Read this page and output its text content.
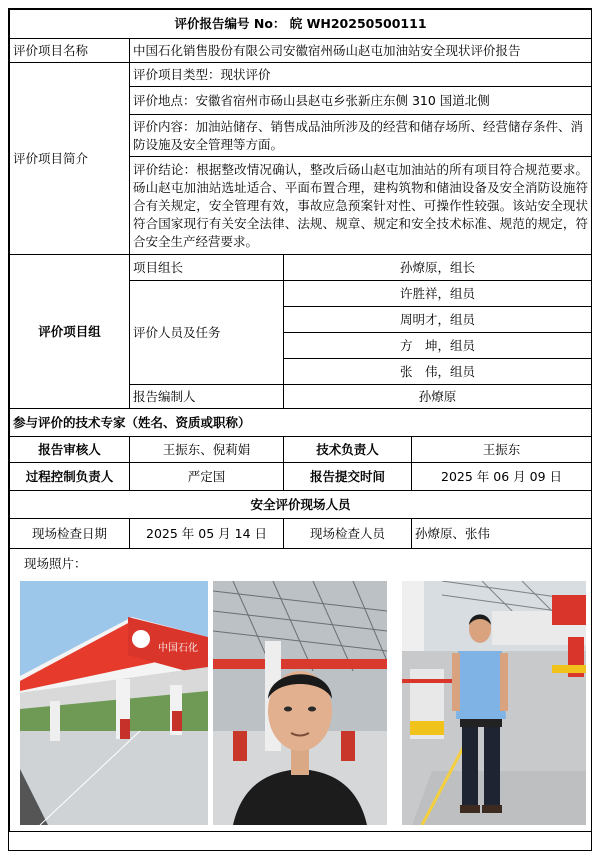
评价报告编号 No： 皖 WH20250500111			
评价项目名称	中国石化销售股份有限公司安徽宿州砀山赵屯加油站安全现状评价报告		
评价项目简介	评价项目类型：现状评价		
	评价地点：安徽省宿州市砀山县赵屯乡张新庄东侧 310 国道北侧		
	评价内容：加油站储存、销售成品油所涉及的经营和储存场所、经营储存条件、消防设施及安全管理等方面。		
	评价结论：根据整改情况确认，整改后砀山赵屯加油站的所有项目符合规范要求。砀山赵屯加油站选址适合、平面布置合理，建构筑物和储油设备及安全消防设施符合有关规定，安全管理有效，事故应急预案针对性、可操作性较强。该站安全现状符合国家现行有关安全法律、法规、规章、规定和安全技术标准、规范的规定，符合安全生产经营要求。		
评价项目组	项目组长	孙燎原，组长	
	评价人员及任务	许胜祥，组员	
		周明才，组员	
		方　坤，组员	
		张　伟，组员	
	报告编制人	孙燎原	
参与评价的技术专家（姓名、资质或职称）			
报告审核人	王振东、倪莉娟	技术负责人	王振东
过程控制负责人	严定国	报告提交时间	2025 年 06 月 09 日
安全评价现场人员			
现场检查日期	2025 年 05 月 14 日	现场检查人员	孙燎原、张伟

现场照片：
中国石化			
